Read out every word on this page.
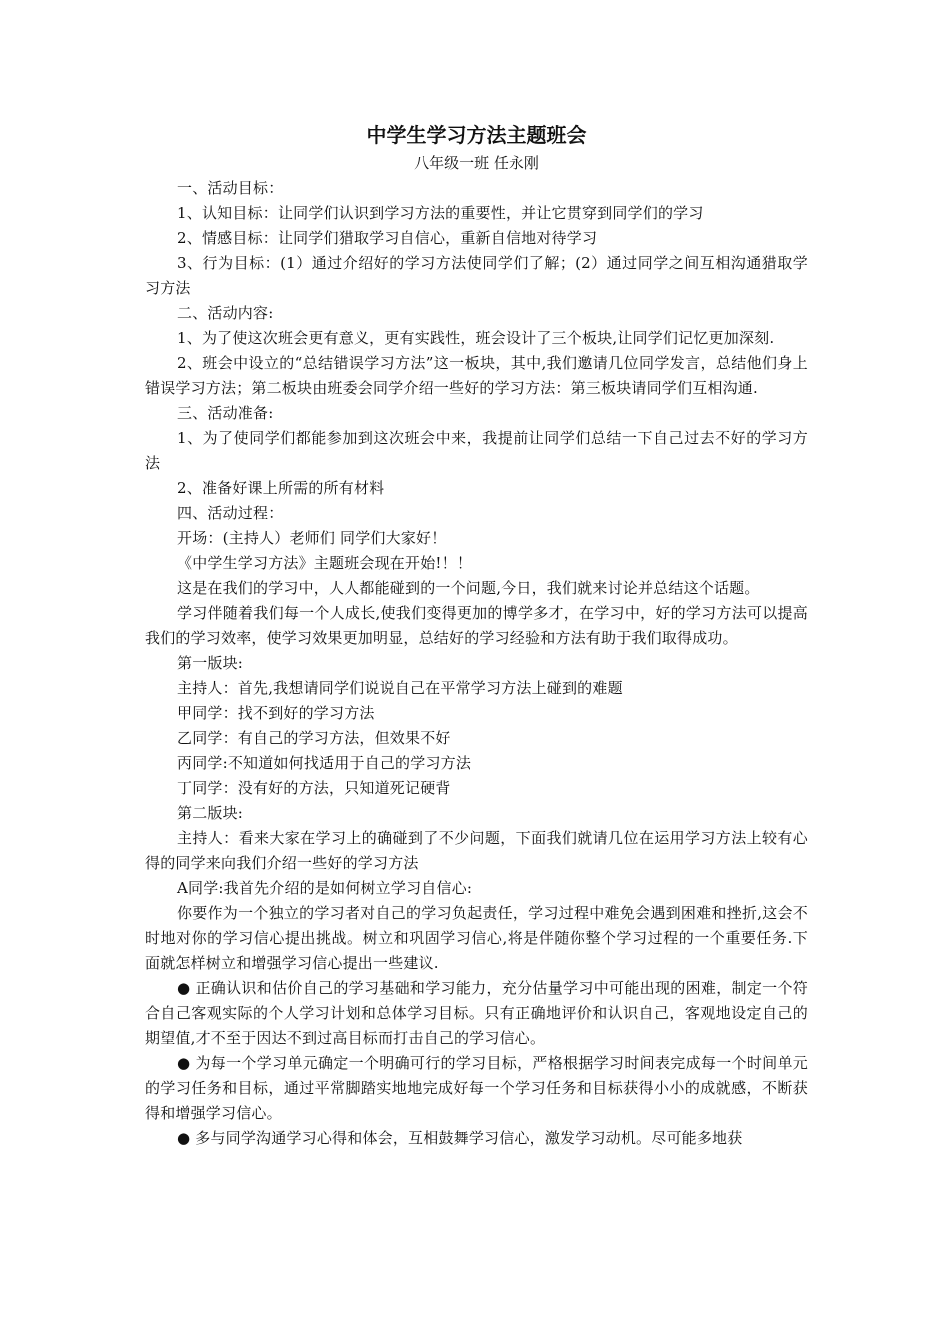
中学生学习方法主题班会
八年级一班 任永刚
一、活动目标：
1、认知目标：让同学们认识到学习方法的重要性，并让它贯穿到同学们的学习
2、情感目标：让同学们猎取学习自信心，重新自信地对待学习
3、行为目标：(1）通过介绍好的学习方法使同学们了解；(2）通过同学之间互相沟通猎取学习方法
二、活动内容:
1、为了使这次班会更有意义，更有实践性，班会设计了三个板块,让同学们记忆更加深刻.
2、班会中设立的“总结错误学习方法”这一板块，其中,我们邀请几位同学发言，总结他们身上错误学习方法；第二板块由班委会同学介绍一些好的学习方法：第三板块请同学们互相沟通.
三、活动准备:
1、为了使同学们都能参加到这次班会中来，我提前让同学们总结一下自己过去不好的学习方法
2、准备好课上所需的所有材料
四、活动过程：
开场：(主持人）老师们 同学们大家好！
《中学生学习方法》主题班会现在开始!！！
这是在我们的学习中，人人都能碰到的一个问题,今日，我们就来讨论并总结这个话题。
学习伴随着我们每一个人成长,使我们变得更加的博学多才，在学习中，好的学习方法可以提高我们的学习效率，使学习效果更加明显，总结好的学习经验和方法有助于我们取得成功。
第一版块:
主持人：首先,我想请同学们说说自己在平常学习方法上碰到的难题
甲同学：找不到好的学习方法
乙同学：有自己的学习方法，但效果不好
丙同学:不知道如何找适用于自己的学习方法
丁同学：没有好的方法，只知道死记硬背
第二版块:
主持人：看来大家在学习上的确碰到了不少问题，下面我们就请几位在运用学习方法上较有心得的同学来向我们介绍一些好的学习方法
A同学:我首先介绍的是如何树立学习自信心:
你要作为一个独立的学习者对自己的学习负起责任，学习过程中难免会遇到困难和挫折,这会不时地对你的学习信心提出挑战。树立和巩固学习信心,将是伴随你整个学习过程的一个重要任务.下面就怎样树立和增强学习信心提出一些建议.
● 正确认识和估价自己的学习基础和学习能力，充分估量学习中可能出现的困难，制定一个符合自己客观实际的个人学习计划和总体学习目标。只有正确地评价和认识自己，客观地设定自己的期望值,才不至于因达不到过高目标而打击自己的学习信心。
● 为每一个学习单元确定一个明确可行的学习目标，严格根据学习时间表完成每一个时间单元的学习任务和目标，通过平常脚踏实地地完成好每一个学习任务和目标获得小小的成就感，不断获得和增强学习信心。
● 多与同学沟通学习心得和体会，互相鼓舞学习信心，激发学习动机。尽可能多地获
